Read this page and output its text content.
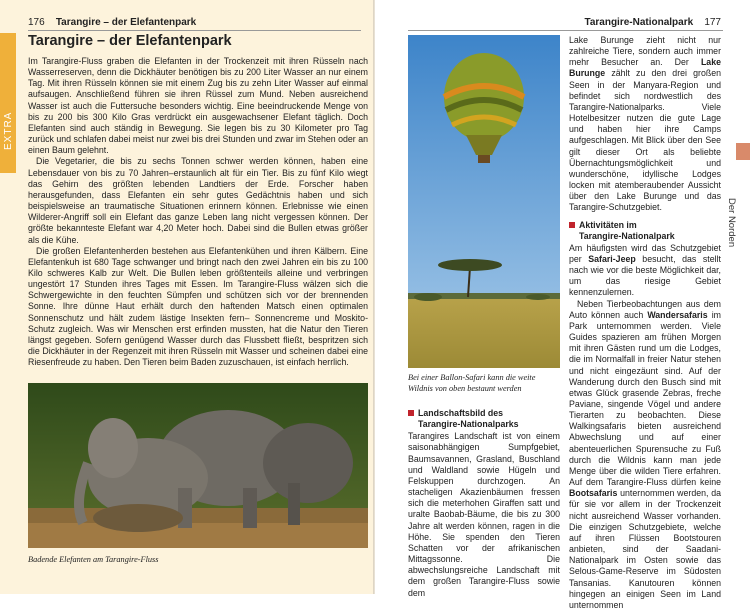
176 Tarangire – der Elefantenpark
EXTRA
Tarangire – der Elefantenpark

Im Tarangire-Fluss graben die Elefanten in der Trockenzeit mit ihren Rüsseln nach Wasserreserven, denn die Dickhäuter benötigen bis zu 200 Liter Wasser an nur einem Tag. Mit ihren Rüsseln können sie mit einem Zug bis zu zehn Liter Wasser auf einmal aufsaugen. Anschließend führen sie ihren Rüssel zum Mund. Neben ausreichend Wasser ist auch die Futtersuche besonders wichtig. Eine beeindruckende Menge von bis zu 200 bis 300 Kilo Gras verdrückt ein ausgewachsener Elefant täglich. Doch Elefanten sind auch ständig in Bewegung. Sie legen bis zu 30 Kilometer pro Tag zurück und schlafen dabei meist nur zwei bis drei Stunden und zwar im Stehen oder an einen Baum gelehnt.

Die Vegetarier, die bis zu sechs Tonnen schwer werden können, haben eine Lebensdauer von bis zu 70 Jahren–erstaunlich alt für ein Tier. Bis zu fünf Kilo wiegt das Gehirn des größten lebenden Landtiers der Erde. Forscher haben herausgefunden, dass Elefanten ein sehr gutes Gedächtnis haben und sich beispielsweise an traumatische Situationen erinnern können. Erlebnisse wie einen Wilderer-Angriff soll ein Elefant das ganze Leben lang nicht vergessen können. Der größte bekannteste Elefant war 4,20 Meter hoch. Dabei sind die Bullen etwas größer als die Kühe.

Die großen Elefantenherden bestehen aus Elefantenkühen und ihren Kälbern. Eine Elefantenkuh ist 680 Tage schwanger und bringt nach den zwei Jahren ein bis zu 100 Kilo schweres Kalb zur Welt. Die Bullen leben größtenteils alleine und verbringen ungestört 17 Stunden ihres Tages mit Essen. Im Tarangire-Fluss wälzen sich die Schwergewichte in den feuchten Sümpfen und schützen sich vor der brennenden Sonne. Ihre dünne Haut erhält durch den haftenden Matsch einen optimalen Sonnenschutz und hält zudem lästige Insekten fern– Sonnencreme und Moskito-Schutz zugleich. Was wir Menschen erst erfinden mussten, hat die Natur den Tieren längst gegeben. Sofern genügend Wasser durch das Flussbett fließt, bespritzen sich die Dickhäuter in der Regenzeit mit ihren Rüsseln mit Wasser und scheinen dabei eine Riesenfreude zu haben. Den Tieren beim Baden zuzuschauen, ist einfach herrlich.

Badende Elefanten am Tarangire-Fluss
Tarangire-Nationalpark 177
Bei einer Ballon-Safari kann die weite Wildnis von oben bestaunt werden
Landschaftsbild des
Tarangire-Nationalparks

Tarangires Landschaft ist von einem saisonabhängigen Sumpfgebiet, Baumsavannen, Grasland, Buschland und Waldland sowie Hügeln und Felskuppen durchzogen. An stacheligen Akazienbäumen fressen sich die meterhohen Giraffen satt und uralte Baobab-Bäume, die bis zu 300 Jahre alt werden können, ragen in die Höhe. Sie spenden den Tieren Schatten vor der afrikanischen Mittagssonne. Die abwechslungsreiche Landschaft mit dem großen Tarangire-Fluss sowie dem

Lake Burunge zieht nicht nur zahlreiche Tiere, sondern auch immer mehr Besucher an. Der Lake Burunge zählt zu den drei großen Seen in der Manyara-Region und befindet sich nordwestlich des Tarangire-Nationalparks. Viele Hotelbesitzer nutzen die gute Lage und haben hier ihre Camps aufgeschlagen. Mit Blick über den See gilt dieser Ort als beliebte Übernachtungsmöglichkeit und wunderschöne, idyllische Lodges locken mit atemberaubender Aussicht über den Lake Burunge und das Tarangire-Schutzgebiet.

Aktivitäten im
Tarangire-Nationalpark

Am häufigsten wird das Schutzgebiet per Safari-Jeep besucht, das stellt nach wie vor die beste Möglichkeit dar, um das riesige Gebiet kennenzulernen.

Neben Tierbeobachtungen aus dem Auto können auch Wandersafaris im Park unternommen werden. Viele Guides spazieren am frühen Morgen mit ihren Gästen rund um die Lodges, die im Normalfall in freier Natur stehen und nicht eingezäunt sind. Auf der Wanderung durch den Busch sind mit etwas Glück grasende Zebras, freche Paviane, singende Vögel und andere Tierarten zu beobachten. Diese Walkingsafaris bieten ausreichend Abwechslung und auf einer abenteuerlichen Spurensuche zu Fuß durch die Wildnis kann man jede Menge über die wilden Tiere erfahren. Auf dem Tarangire-Fluss dürfen keine Bootsafaris unternommen werden, da für sie vor allem in der Trockenzeit nicht ausreichend Wasser vorhanden. Die einzigen Schutzgebiete, welche auf ihren Flüssen Bootstouren anbieten, sind der Saadani-Nationalpark im Osten sowie das Selous-Game-Reserve im Südosten Tansanias. Kanutouren können hingegen an einigen Seen im Land unternommen

Der Norden
